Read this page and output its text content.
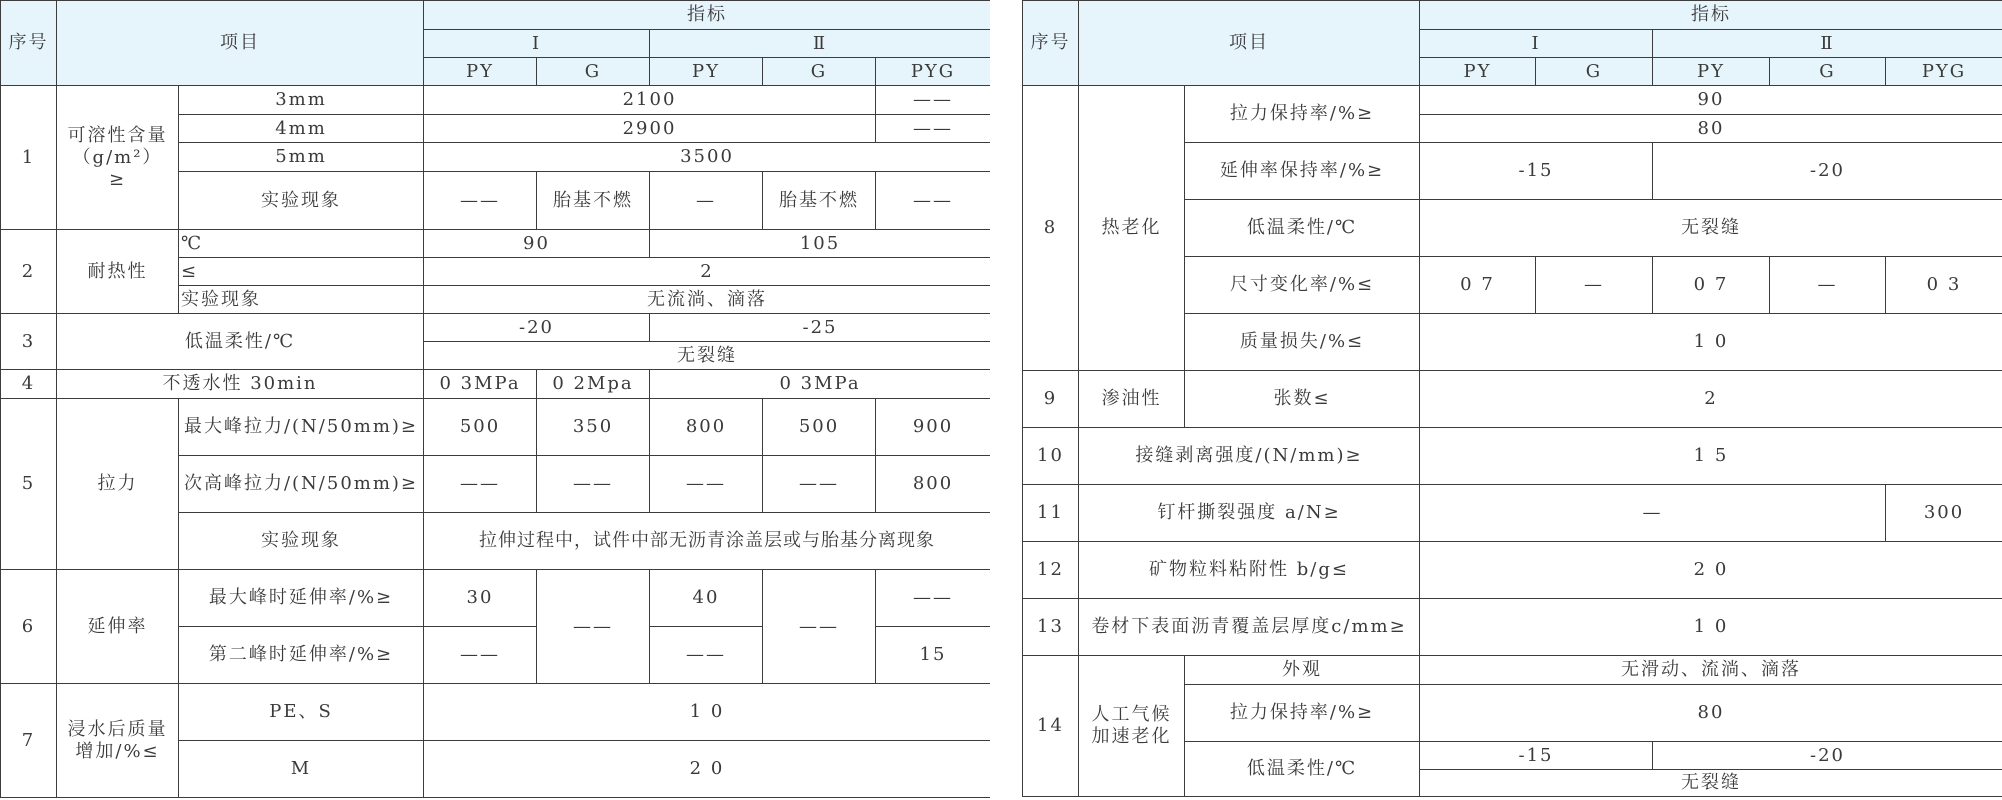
序号	项目		指标				
			Ⅰ		Ⅱ		
			PY	G	PY	G	PYG
1	可溶性含量（g/m²）≥	3mm	2100				——
		4mm	2900				——
		5mm	3500				
		实验现象	——	胎基不燃	—	胎基不燃	——
2	耐热性	℃	90		105		
		≤	2				
		实验现象	无流淌、滴落				
3	低温柔性/℃		-20		-25		
			无裂缝				
4	不透水性 30min		0 3MPa	0 2Mpa	0 3MPa		
5	拉力	最大峰拉力/(N/50mm)≥	500	350	800	500	900
		次高峰拉力/(N/50mm)≥	——	——	——	——	800
		实验现象	拉伸过程中，试件中部无沥青涂盖层或与胎基分离现象				
6	延伸率	最大峰时延伸率/%≥	30	——	40	——	——
		第二峰时延伸率/%≥	——		——		15
7	浸水后质量增加/%≤	PE、S	1 0				
		M	2 0				
序号	项目		指标				
			Ⅰ		Ⅱ		
			PY	G	PY	G	PYG
8	热老化	拉力保持率/%≥	90				
			80				
		延伸率保持率/%≥	-15		-20		
		低温柔性/℃	无裂缝				
		尺寸变化率/%≤	0 7	—	0 7	—	0 3
		质量损失/%≤	1 0				
9	渗油性	张数≤	2				
10	接缝剥离强度/(N/mm)≥		1 5				
11	钉杆撕裂强度 a/N≥		—				300
12	矿物粒料粘附性 b/g≤		2 0				
13	卷材下表面沥青覆盖层厚度c/mm≥		1 0				
14	人工气候加速老化	外观	无滑动、流淌、滴落				
		拉力保持率/%≥	80				
		低温柔性/℃	-15		-20		
			无裂缝				
